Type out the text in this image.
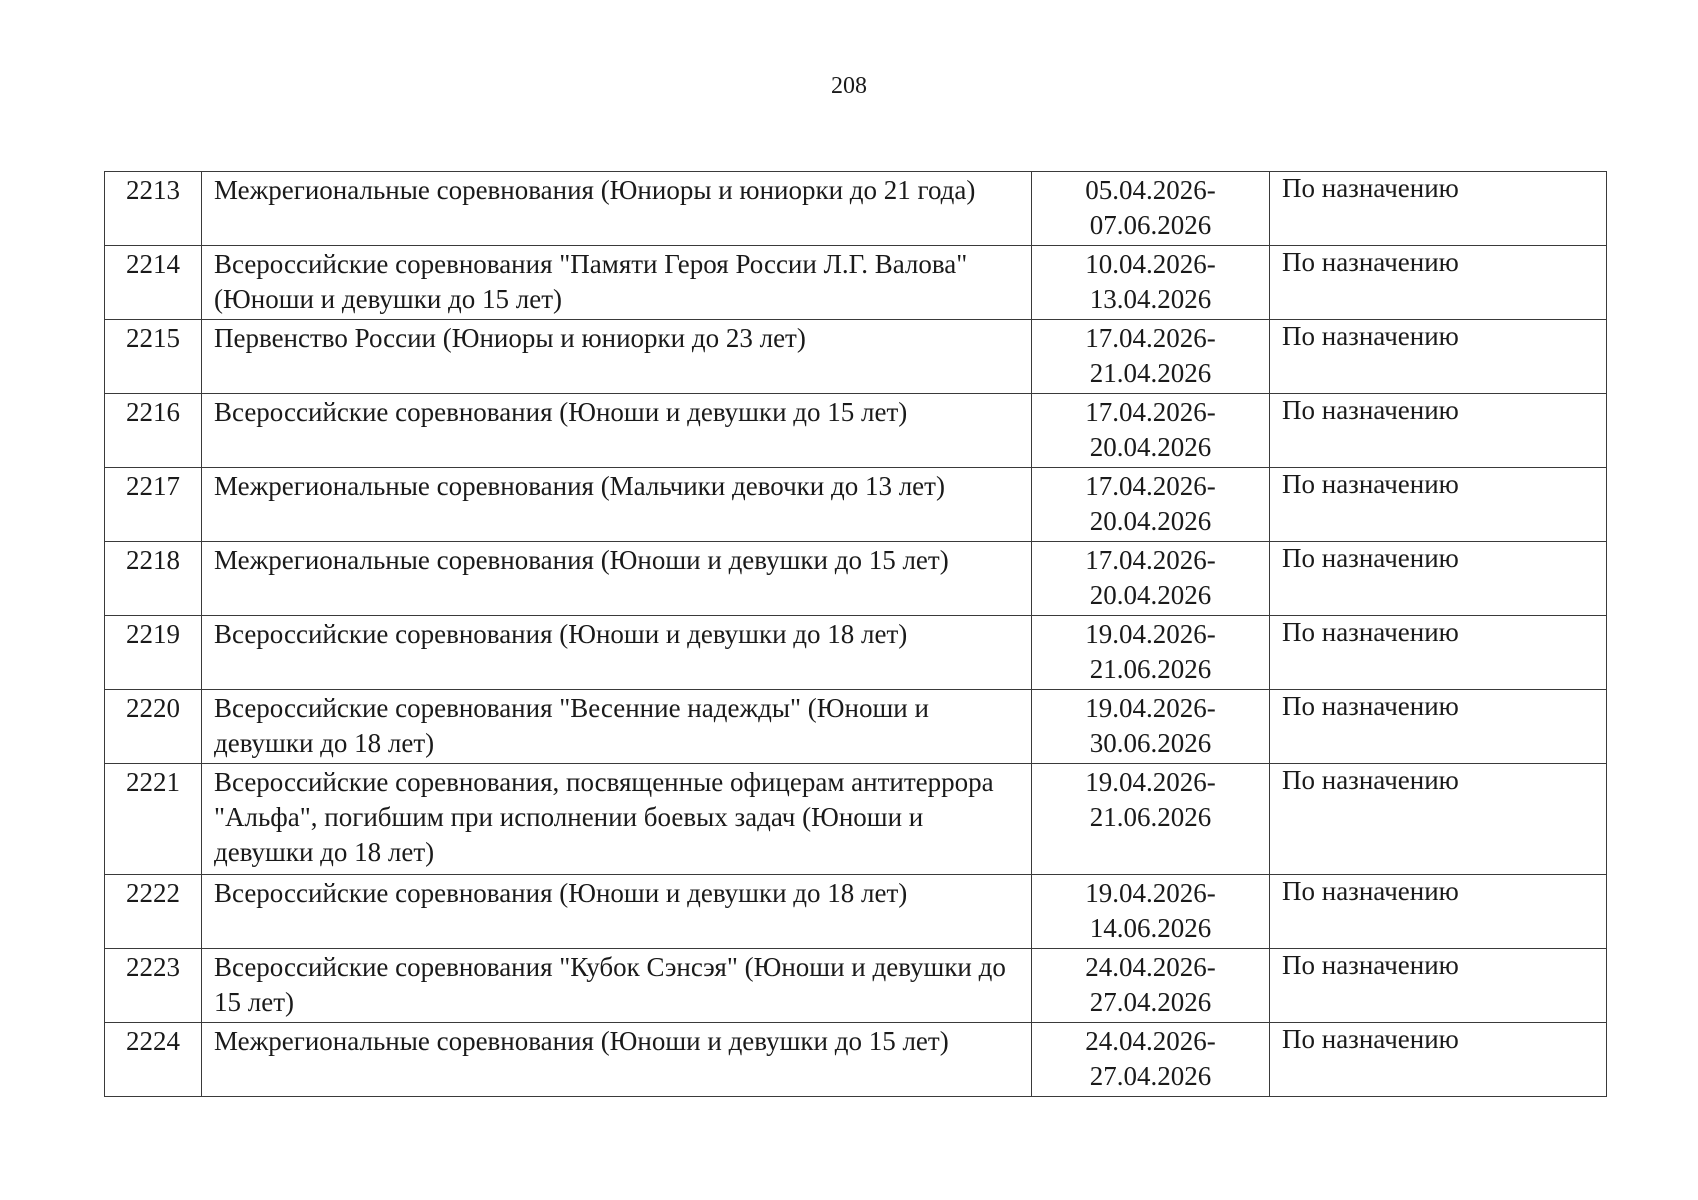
208
2213	Межрегиональные соревнования (Юниоры и юниорки до 21 года)	05.04.2026-
07.06.2026	По назначению
2214	Всероссийские соревнования "Памяти Героя России Л.Г. Валова" (Юноши и девушки до 15 лет)	10.04.2026-
13.04.2026	По назначению
2215	Первенство России (Юниоры и юниорки до 23 лет)	17.04.2026-
21.04.2026	По назначению
2216	Всероссийские соревнования (Юноши и девушки до 15 лет)	17.04.2026-
20.04.2026	По назначению
2217	Межрегиональные соревнования (Мальчики девочки до 13 лет)	17.04.2026-
20.04.2026	По назначению
2218	Межрегиональные соревнования (Юноши и девушки до 15 лет)	17.04.2026-
20.04.2026	По назначению
2219	Всероссийские соревнования (Юноши и девушки до 18 лет)	19.04.2026-
21.06.2026	По назначению
2220	Всероссийские соревнования "Весенние надежды" (Юноши и девушки до 18 лет)	19.04.2026-
30.06.2026	По назначению
2221	Всероссийские соревнования, посвященные офицерам антитеррора "Альфа", погибшим при исполнении боевых задач (Юноши и девушки до 18 лет)	19.04.2026-
21.06.2026	По назначению
2222	Всероссийские соревнования (Юноши и девушки до 18 лет)	19.04.2026-
14.06.2026	По назначению
2223	Всероссийские соревнования "Кубок Сэнсэя" (Юноши и девушки до 15 лет)	24.04.2026-
27.04.2026	По назначению
2224	Межрегиональные соревнования (Юноши и девушки до 15 лет)	24.04.2026-
27.04.2026	По назначению
